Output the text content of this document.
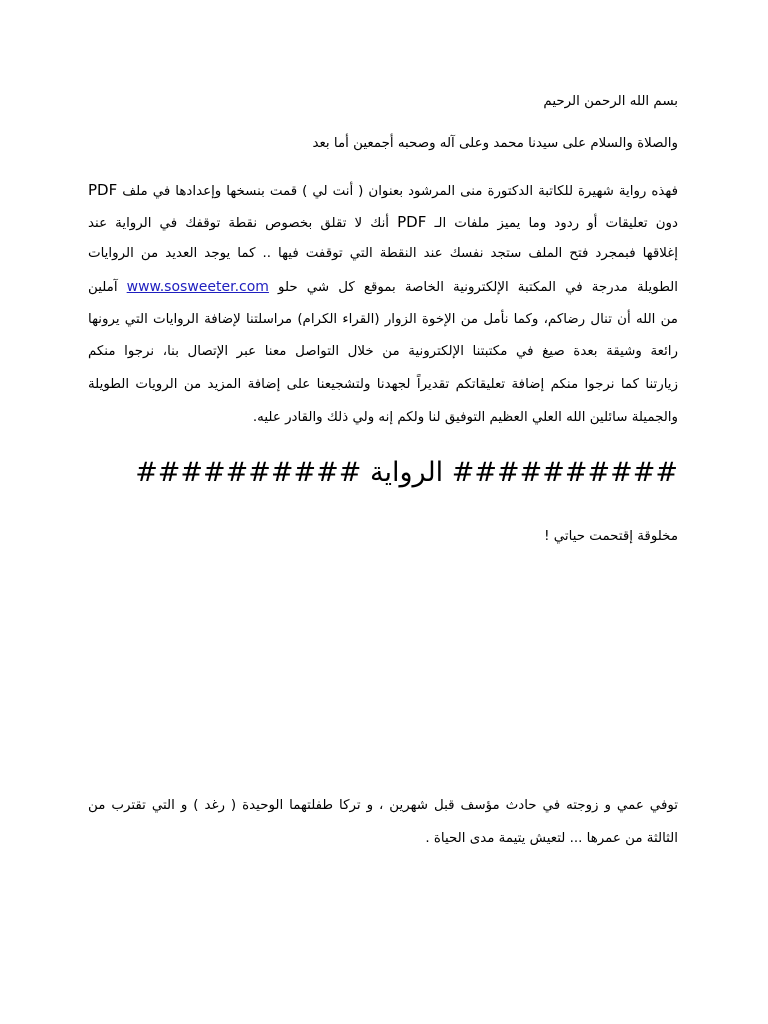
بسم الله الرحمن الرحيم
والصلاة والسلام على سيدنا محمد وعلى آله وصحبه أجمعين أما بعد
فهذه رواية شهيرة للكاتبة الدكتورة منى المرشود بعنوان ( أنت لي ) قمت بنسخها وإعدادها في ملف PDF
دون تعليقات أو ردود وما يميز ملفات الـ PDF أنك لا تقلق بخصوص نقطة توقفك في الرواية عند
إغلاقها فبمجرد فتح الملف ستجد نفسك عند النقطة التي توقفت فيها .. كما يوجد العديد من الروايات
الطويلة مدرجة في المكتبة الإلكترونية الخاصة بموقع كل شي حلو www.sosweeter.com آملين
من الله أن تنال رضاكم، وكما نأمل من الإخوة الزوار (القراء الكرام) مراسلتنا لإضافة الروايات التي يرونها
رائعة وشيقة بعدة صيغ في مكتبتنا الإلكترونية من خلال التواصل معنا عبر الإتصال بنا، نرجوا منكم
زيارتنا كما نرجوا منكم إضافة تعليقاتكم تقديراً لجهدنا ولتشجيعنا على إضافة المزيد من الرويات الطويلة
والجميلة سائلين الله العلي العظيم التوفيق لنا ولكم إنه ولي ذلك والقادر عليه.
########## الرواية ##########
مخلوقة إقتحمت حياتي !
توفي عمي و زوجته في حادث مؤسف قبل شهرين ، و تركا طفلتهما الوحيدة ( رغد ) و التي تقترب من
الثالثة من عمرها ... لتعيش يتيمة مدى الحياة .
